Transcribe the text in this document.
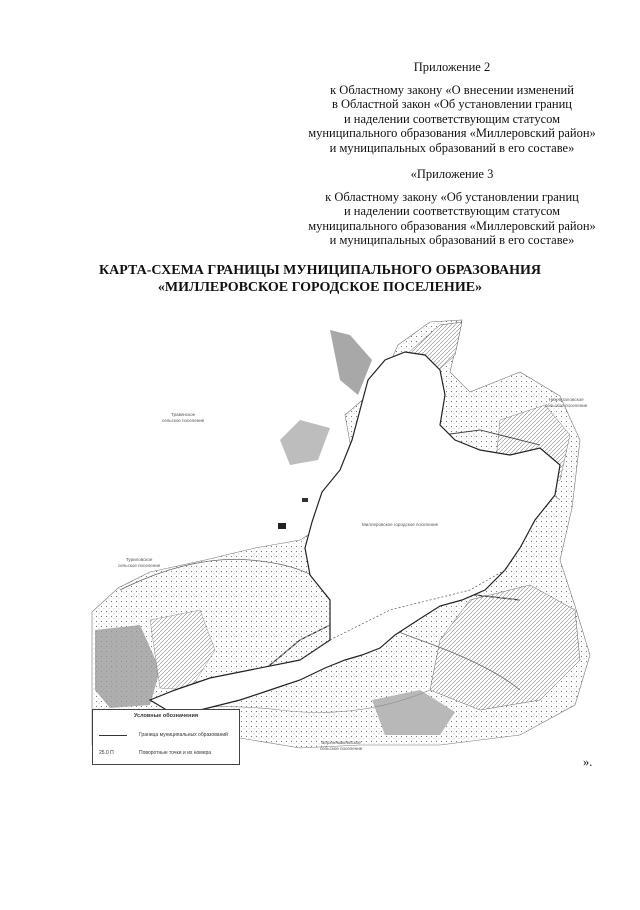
Приложение 2
к Областному закону «О внесении изменений
в Областной закон «Об установлении границ
и наделении соответствующим статусом
муниципального образования «Миллеровский район»
и муниципальных образований в его составе»
«Приложение 3
к Областному закону «Об установлении границ
и наделении соответствующим статусом
муниципального образования «Миллеровский район»
и муниципальных образований в его составе»
КАРТА-СХЕМА ГРАНИЦЫ МУНИЦИПАЛЬНОГО ОБРАЗОВАНИЯ
«МИЛЛЕРОВСКОЕ ГОРОДСКОЕ ПОСЕЛЕНИЕ»
Травянское
сельское поселение
Нижнеталовское
сельское поселение
Туриловское
сельское поселение
Миллеровское городское поселение
Верхнемакеевское
сельское поселение
Условные обозначения
Граница муниципальных образований
25.0 П	Поворотные точки и их номера
».
